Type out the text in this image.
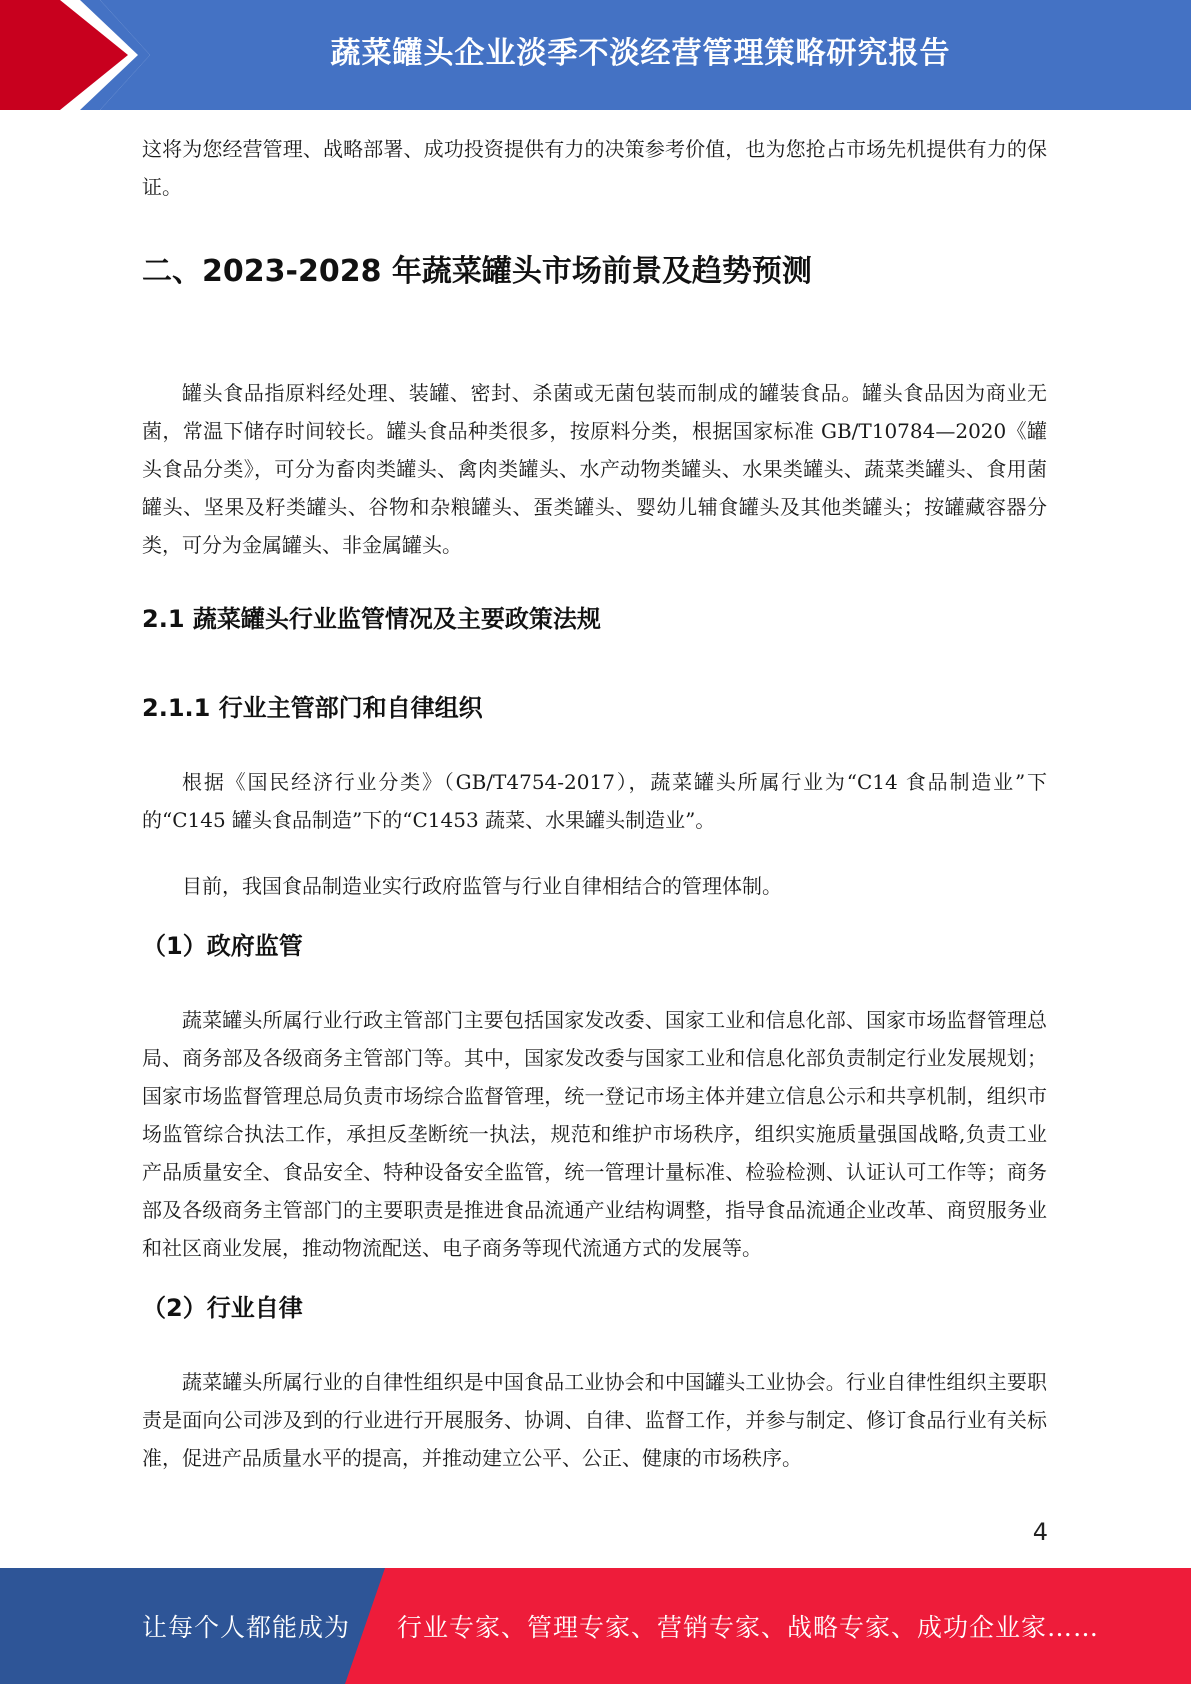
蔬菜罐头企业淡季不淡经营管理策略研究报告

这将为您经营管理、战略部署、成功投资提供有力的决策参考价值，也为您抢占市场先机提供有力的保证。

二、2023-2028 年蔬菜罐头市场前景及趋势预测

罐头食品指原料经处理、装罐、密封、杀菌或无菌包装而制成的罐装食品。罐头食品因为商业无菌，常温下储存时间较长。罐头食品种类很多，按原料分类，根据国家标准 GB/T10784—2020《罐头食品分类》，可分为畜肉类罐头、禽肉类罐头、水产动物类罐头、水果类罐头、蔬菜类罐头、食用菌罐头、坚果及籽类罐头、谷物和杂粮罐头、蛋类罐头、婴幼儿辅食罐头及其他类罐头；按罐藏容器分类，可分为金属罐头、非金属罐头。

2.1 蔬菜罐头行业监管情况及主要政策法规
2.1.1 行业主管部门和自律组织

根据《国民经济行业分类》（GB/T4754-2017），蔬菜罐头所属行业为“C14 食品制造业”下的“C145 罐头食品制造”下的“C1453 蔬菜、水果罐头制造业”。

目前，我国食品制造业实行政府监管与行业自律相结合的管理体制。

（1）政府监管

蔬菜罐头所属行业行政主管部门主要包括国家发改委、国家工业和信息化部、国家市场监督管理总局、商务部及各级商务主管部门等。其中，国家发改委与国家工业和信息化部负责制定行业发展规划；国家市场监督管理总局负责市场综合监督管理，统一登记市场主体并建立信息公示和共享机制，组织市场监管综合执法工作，承担反垄断统一执法，规范和维护市场秩序，组织实施质量强国战略,负责工业产品质量安全、食品安全、特种设备安全监管，统一管理计量标准、检验检测、认证认可工作等；商务部及各级商务主管部门的主要职责是推进食品流通产业结构调整，指导食品流通企业改革、商贸服务业和社区商业发展，推动物流配送、电子商务等现代流通方式的发展等。

（2）行业自律

蔬菜罐头所属行业的自律性组织是中国食品工业协会和中国罐头工业协会。行业自律性组织主要职责是面向公司涉及到的行业进行开展服务、协调、自律、监督工作，并参与制定、修订食品行业有关标准，促进产品质量水平的提高，并推动建立公平、公正、健康的市场秩序。

4
让每个人都能成为 行业专家、管理专家、营销专家、战略专家、成功企业家……
